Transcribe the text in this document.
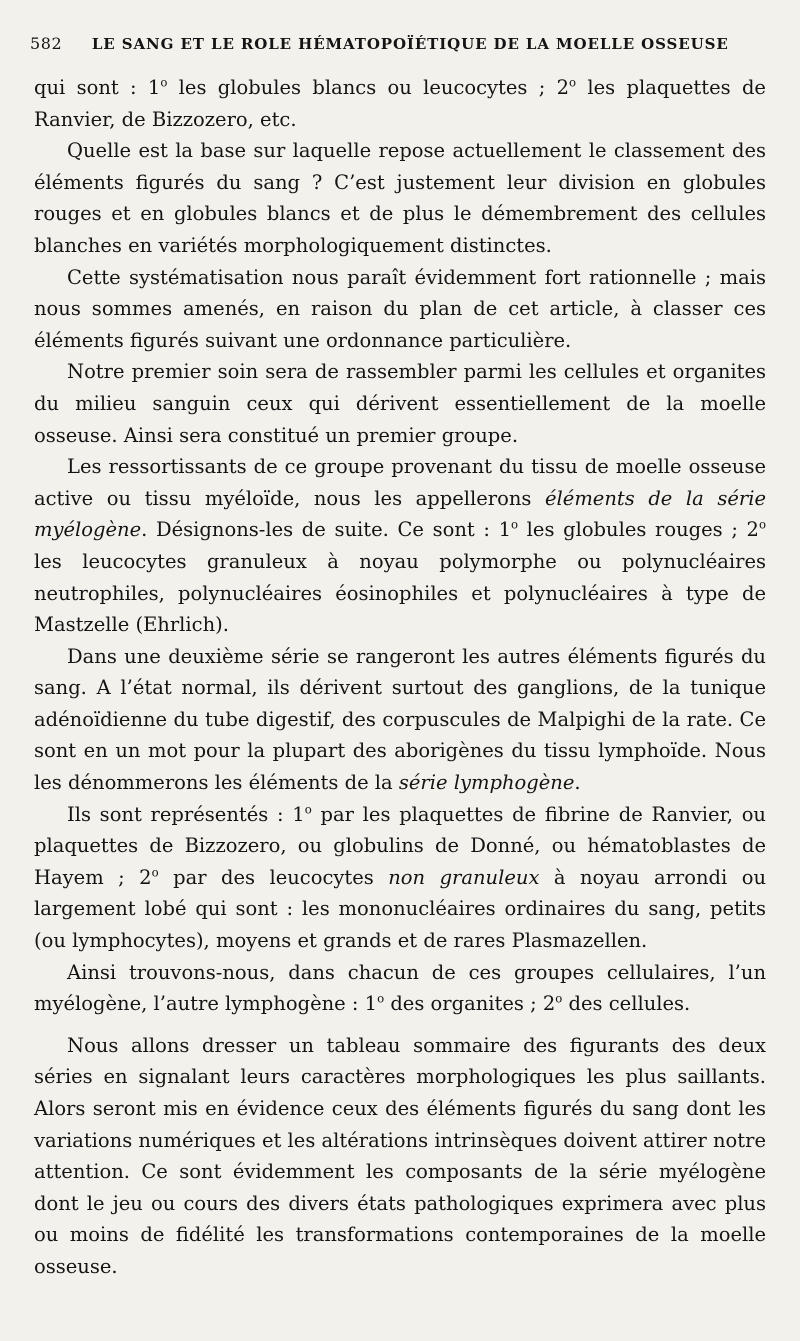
582 LE SANG ET LE ROLE HÉMATOPOÏÉTIQUE DE LA MOELLE OSSEUSE

qui sont : 1$^o$ les globules blancs ou leucocytes ; 2$^o$ les plaquettes de Ranvier, de Bizzozero, etc.

Quelle est la base sur laquelle repose actuellement le classement des éléments figurés du sang ? C’est justement leur division en globules rouges et en globules blancs et de plus le démembrement des cellules blanches en variétés morphologiquement distinctes.

Cette systématisation nous paraît évidemment fort rationnelle ; mais nous sommes amenés, en raison du plan de cet article, à classer ces éléments figurés suivant une ordonnance particulière.

Notre premier soin sera de rassembler parmi les cellules et organites du milieu sanguin ceux qui dérivent essentiellement de la moelle osseuse. Ainsi sera constitué un premier groupe.

Les ressortissants de ce groupe provenant du tissu de moelle osseuse active ou tissu myéloïde, nous les appellerons éléments de la série myélogène. Désignons-les de suite. Ce sont : 1$^o$ les globules rouges ; 2$^o$ les leucocytes granuleux à noyau polymorphe ou polynucléaires neutrophiles, polynucléaires éosinophiles et polynucléaires à type de Mastzelle (Ehrlich).

Dans une deuxième série se rangeront les autres éléments figurés du sang. A l’état normal, ils dérivent surtout des ganglions, de la tunique adénoïdienne du tube digestif, des corpuscules de Malpighi de la rate. Ce sont en un mot pour la plupart des aborigènes du tissu lymphoïde. Nous les dénommerons les éléments de la série lymphogène.

Ils sont représentés : 1$^o$ par les plaquettes de fibrine de Ranvier, ou plaquettes de Bizzozero, ou globulins de Donné, ou hématoblastes de Hayem ; 2$^o$ par des leucocytes non granuleux à noyau arrondi ou largement lobé qui sont : les mononucléaires ordinaires du sang, petits (ou lymphocytes), moyens et grands et de rares Plasmazellen.

Ainsi trouvons-nous, dans chacun de ces groupes cellulaires, l’un myélogène, l’autre lymphogène : 1$^o$ des organites ; 2$^o$ des cellules.

Nous allons dresser un tableau sommaire des figurants des deux séries en signalant leurs caractères morphologiques les plus saillants. Alors seront mis en évidence ceux des éléments figurés du sang dont les variations numériques et les altérations intrinsèques doivent attirer notre attention. Ce sont évidemment les composants de la série myélogène dont le jeu ou cours des divers états pathologiques exprimera avec plus ou moins de fidélité les transformations contemporaines de la moelle osseuse.
